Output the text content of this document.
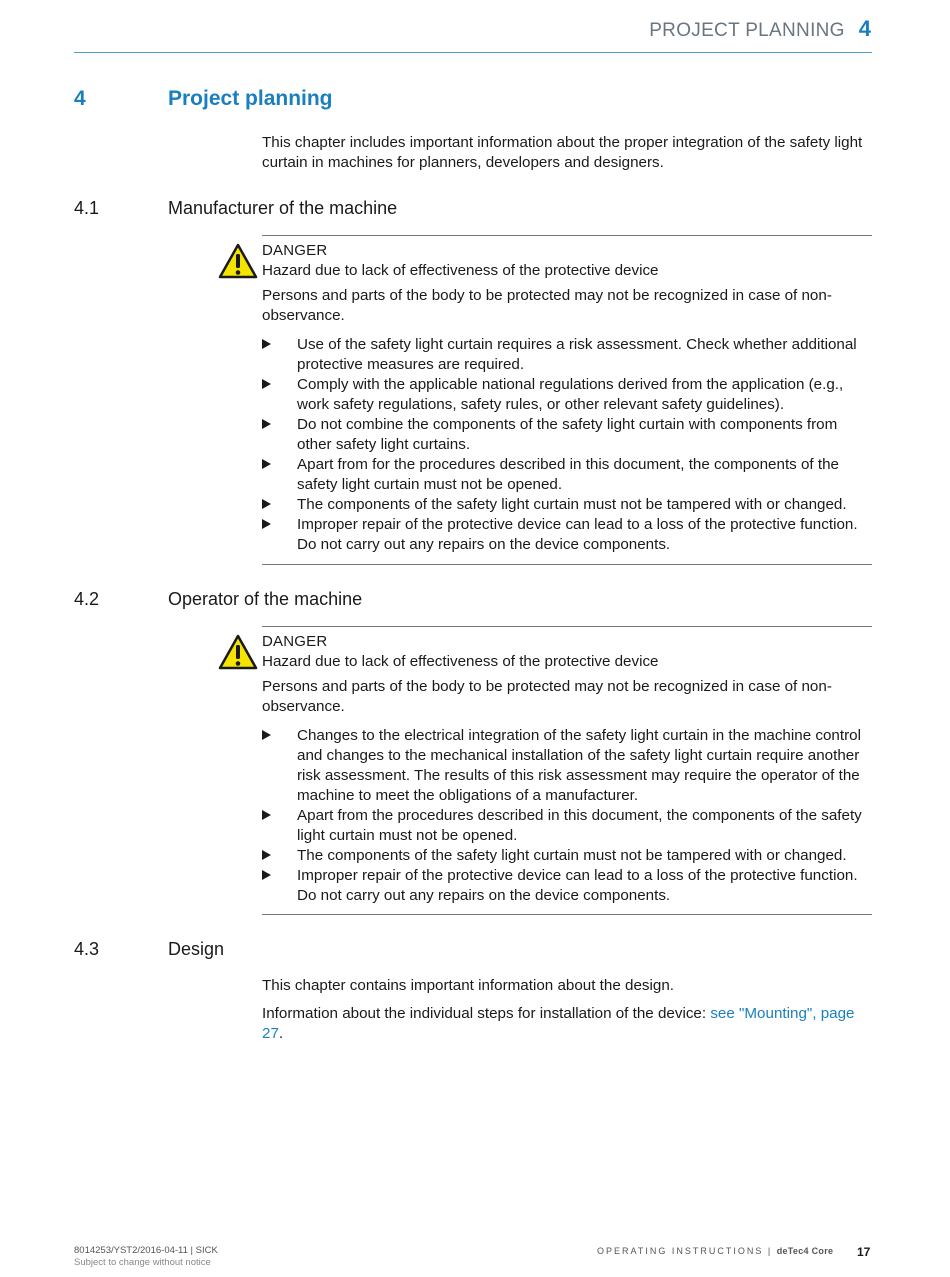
PROJECT PLANNING 4
4	Project planning
This chapter includes important information about the proper integration of the safety light curtain in machines for planners, developers and designers.
4.1	Manufacturer of the machine
DANGER
Hazard due to lack of effectiveness of the protective device
Persons and parts of the body to be protected may not be recognized in case of non-observance.
Use of the safety light curtain requires a risk assessment. Check whether additional protective measures are required.
Comply with the applicable national regulations derived from the application (e.g., work safety regulations, safety rules, or other relevant safety guidelines).
Do not combine the components of the safety light curtain with components from other safety light curtains.
Apart from for the procedures described in this document, the components of the safety light curtain must not be opened.
The components of the safety light curtain must not be tampered with or changed.
Improper repair of the protective device can lead to a loss of the protective function. Do not carry out any repairs on the device components.
4.2	Operator of the machine
DANGER
Hazard due to lack of effectiveness of the protective device
Persons and parts of the body to be protected may not be recognized in case of non-observance.
Changes to the electrical integration of the safety light curtain in the machine control and changes to the mechanical installation of the safety light curtain require another risk assessment. The results of this risk assessment may require the operator of the machine to meet the obligations of a manufacturer.
Apart from the procedures described in this document, the components of the safety light curtain must not be opened.
The components of the safety light curtain must not be tampered with or changed.
Improper repair of the protective device can lead to a loss of the protective function. Do not carry out any repairs on the device components.
4.3	Design
This chapter contains important information about the design.
Information about the individual steps for installation of the device: see "Mounting", page 27.
8014253/YST2/2016-04-11 | SICK
Subject to change without notice
OPERATING INSTRUCTIONS | deTec4 Core 17
